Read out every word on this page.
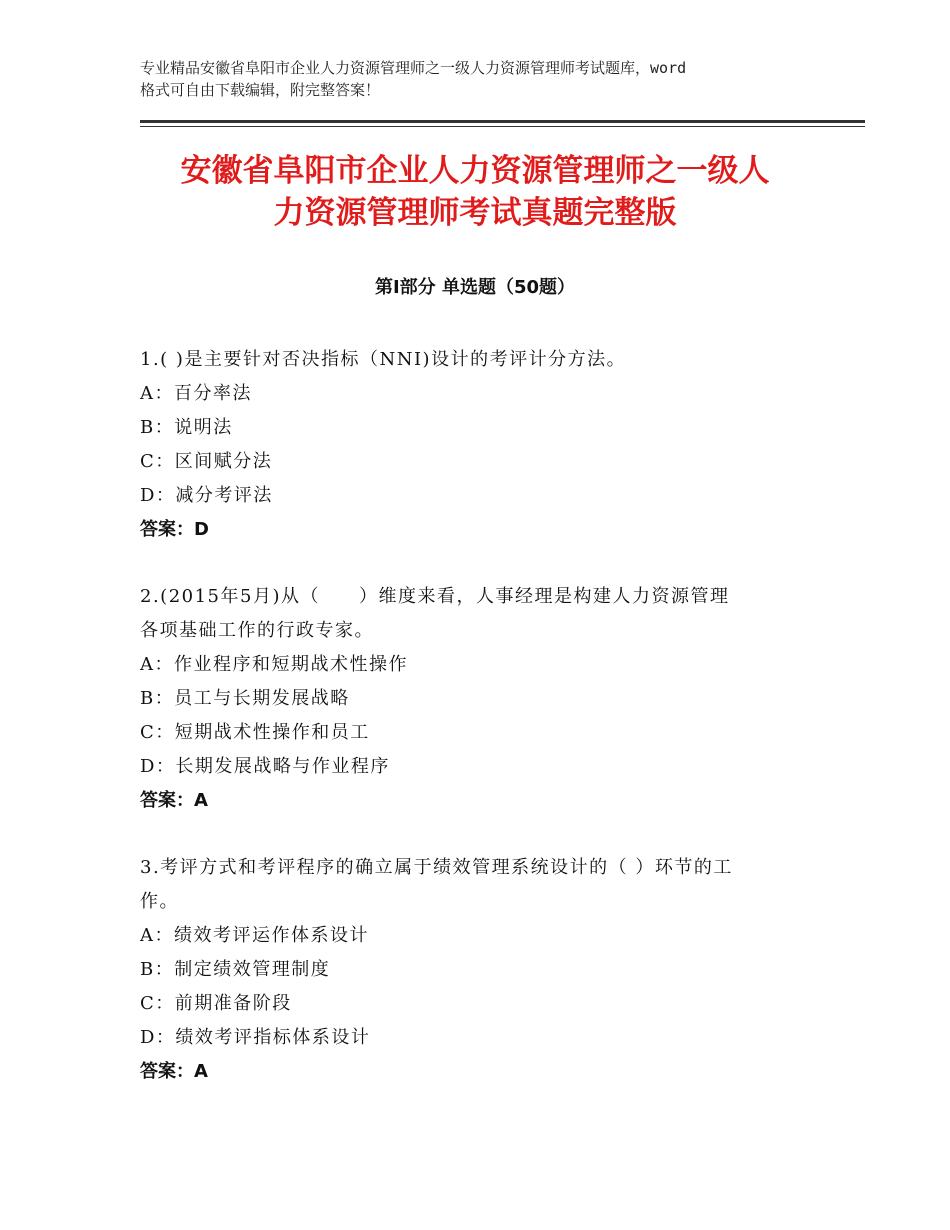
专业精品安徽省阜阳市企业人力资源管理师之一级人力资源管理师考试题库，word
格式可自由下载编辑，附完整答案！
安徽省阜阳市企业人力资源管理师之一级人
力资源管理师考试真题完整版
第Ⅰ部分 单选题（50题）
1.( )是主要针对否决指标（NNI)设计的考评计分方法。
A：百分率法
B：说明法
C：区间赋分法
D：减分考评法
答案：D
2.(2015年5月)从（　　）维度来看，人事经理是构建人力资源管理
各项基础工作的行政专家。
A：作业程序和短期战术性操作
B：员工与长期发展战略
C：短期战术性操作和员工
D：长期发展战略与作业程序
答案：A
3.考评方式和考评程序的确立属于绩效管理系统设计的（ ）环节的工
作。
A：绩效考评运作体系设计
B：制定绩效管理制度
C：前期准备阶段
D：绩效考评指标体系设计
答案：A
